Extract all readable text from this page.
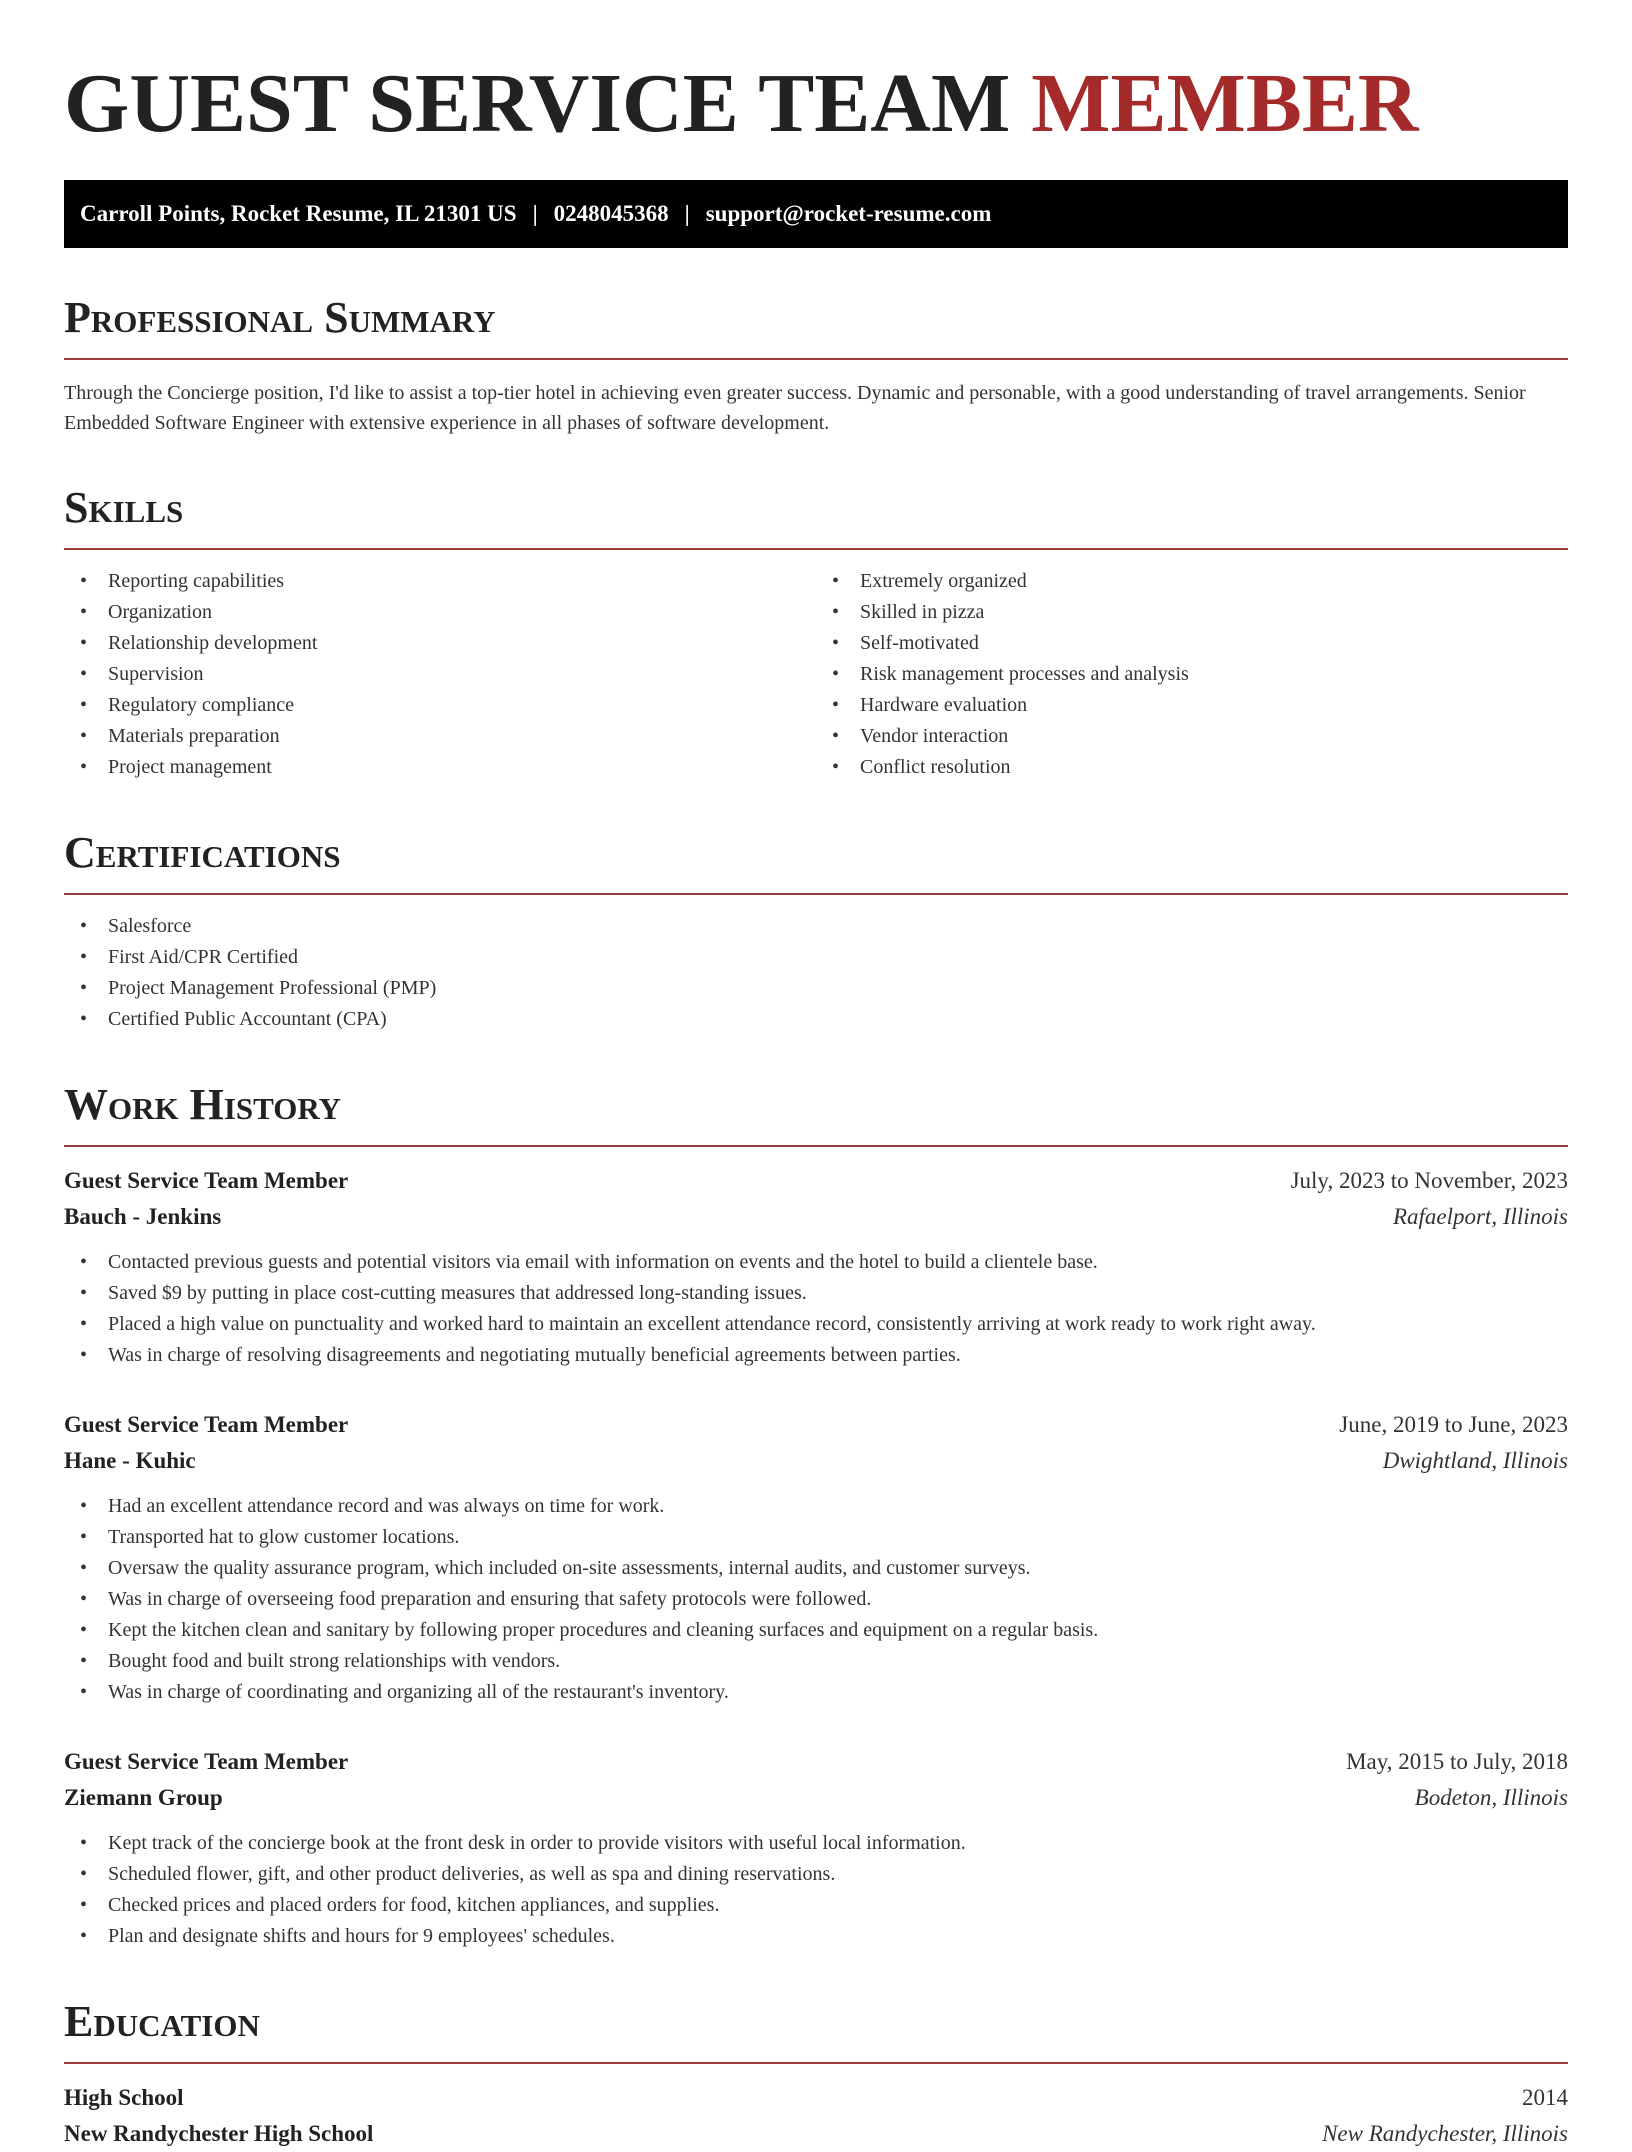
GUEST SERVICE TEAM MEMBER
Carroll Points, Rocket Resume, IL 21301 US | 0248045368 | support@rocket-resume.com
Professional Summary
Through the Concierge position, I'd like to assist a top-tier hotel in achieving even greater success. Dynamic and personable, with a good understanding of travel arrangements. Senior Embedded Software Engineer with extensive experience in all phases of software development.
Skills
• Reporting capabilities
• Organization
• Relationship development
• Supervision
• Regulatory compliance
• Materials preparation
• Project management
• Extremely organized
• Skilled in pizza
• Self-motivated
• Risk management processes and analysis
• Hardware evaluation
• Vendor interaction
• Conflict resolution
Certifications
• Salesforce
• First Aid/CPR Certified
• Project Management Professional (PMP)
• Certified Public Accountant (CPA)
Work History
Guest Service Team Member	July, 2023 to November, 2023
Bauch - Jenkins	Rafaelport, Illinois
• Contacted previous guests and potential visitors via email with information on events and the hotel to build a clientele base.
• Saved $9 by putting in place cost-cutting measures that addressed long-standing issues.
• Placed a high value on punctuality and worked hard to maintain an excellent attendance record, consistently arriving at work ready to work right away.
• Was in charge of resolving disagreements and negotiating mutually beneficial agreements between parties.
Guest Service Team Member	June, 2019 to June, 2023
Hane - Kuhic	Dwightland, Illinois
• Had an excellent attendance record and was always on time for work.
• Transported hat to glow customer locations.
• Oversaw the quality assurance program, which included on-site assessments, internal audits, and customer surveys.
• Was in charge of overseeing food preparation and ensuring that safety protocols were followed.
• Kept the kitchen clean and sanitary by following proper procedures and cleaning surfaces and equipment on a regular basis.
• Bought food and built strong relationships with vendors.
• Was in charge of coordinating and organizing all of the restaurant's inventory.
Guest Service Team Member	May, 2015 to July, 2018
Ziemann Group	Bodeton, Illinois
• Kept track of the concierge book at the front desk in order to provide visitors with useful local information.
• Scheduled flower, gift, and other product deliveries, as well as spa and dining reservations.
• Checked prices and placed orders for food, kitchen appliances, and supplies.
• Plan and designate shifts and hours for 9 employees' schedules.
Education
High School	2014
New Randychester High School	New Randychester, Illinois
